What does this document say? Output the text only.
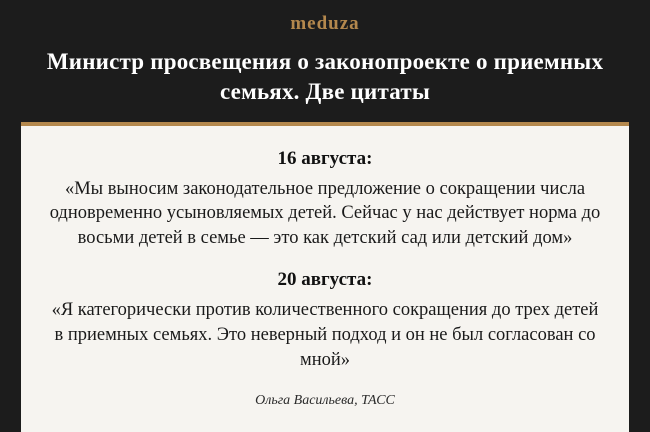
meduza
Министр просвещения о законопроекте о приемных семьях. Две цитаты
16 августа:
«Мы выносим законодательное предложение о сокращении числа одновременно усыновляемых детей. Сейчас у нас действует норма до восьми детей в семье — это как детский сад или детский дом»
20 августа:
«Я категорически против количественного сокращения до трех детей в приемных семьях. Это неверный подход и он не был согласован со мной»
Ольга Васильева, ТАСС
